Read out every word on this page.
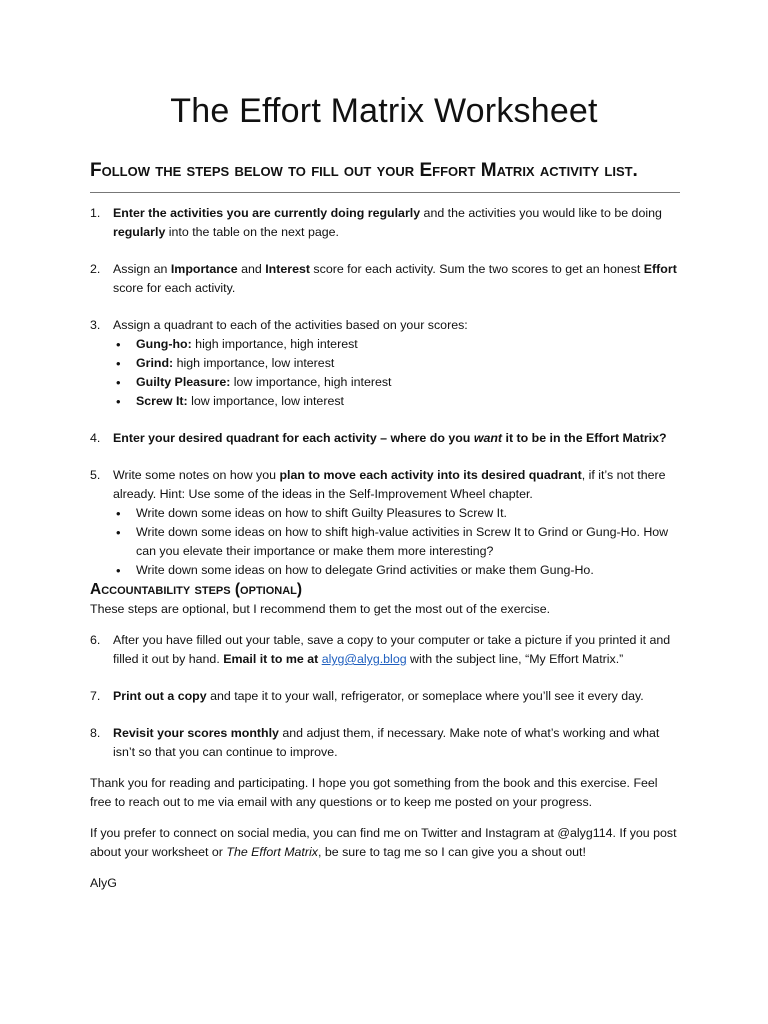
The Effort Matrix Worksheet
Follow the steps below to fill out your Effort Matrix activity list.
1. Enter the activities you are currently doing regularly and the activities you would like to be doing regularly into the table on the next page.
2. Assign an Importance and Interest score for each activity. Sum the two scores to get an honest Effort score for each activity.
3. Assign a quadrant to each of the activities based on your scores:
• Gung-ho: high importance, high interest
• Grind: high importance, low interest
• Guilty Pleasure: low importance, high interest
• Screw It: low importance, low interest
4. Enter your desired quadrant for each activity – where do you want it to be in the Effort Matrix?
5. Write some notes on how you plan to move each activity into its desired quadrant, if it’s not there already. Hint: Use some of the ideas in the Self-Improvement Wheel chapter.
• Write down some ideas on how to shift Guilty Pleasures to Screw It.
• Write down some ideas on how to shift high-value activities in Screw It to Grind or Gung-Ho. How can you elevate their importance or make them more interesting?
• Write down some ideas on how to delegate Grind activities or make them Gung-Ho.
Accountability steps (optional)
These steps are optional, but I recommend them to get the most out of the exercise.
6. After you have filled out your table, save a copy to your computer or take a picture if you printed it and filled it out by hand. Email it to me at alyg@alyg.blog with the subject line, “My Effort Matrix.”
7. Print out a copy and tape it to your wall, refrigerator, or someplace where you’ll see it every day.
8. Revisit your scores monthly and adjust them, if necessary. Make note of what’s working and what isn’t so that you can continue to improve.
Thank you for reading and participating. I hope you got something from the book and this exercise. Feel free to reach out to me via email with any questions or to keep me posted on your progress.
If you prefer to connect on social media, you can find me on Twitter and Instagram at @alyg114. If you post about your worksheet or The Effort Matrix, be sure to tag me so I can give you a shout out!
AlyG
